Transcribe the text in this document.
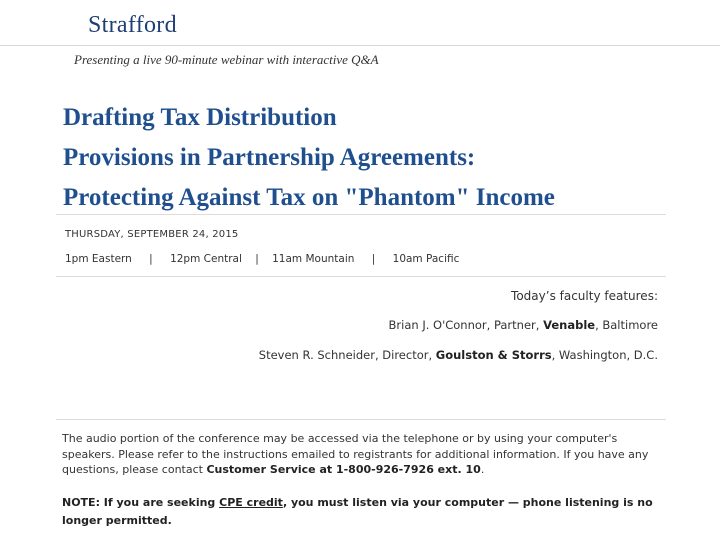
Strafford
Presenting a live 90-minute webinar with interactive Q&A
Drafting Tax Distribution
Provisions in Partnership Agreements:
Protecting Against Tax on "Phantom" Income
THURSDAY, SEPTEMBER 24, 2015
1pm Eastern | 12pm Central | 11am Mountain | 10am Pacific
Today’s faculty features:
Brian J. O'Connor, Partner, Venable, Baltimore
Steven R. Schneider, Director, Goulston & Storrs, Washington, D.C.
The audio portion of the conference may be accessed via the telephone or by using your computer's speakers. Please refer to the instructions emailed to registrants for additional information. If you have any questions, please contact Customer Service at 1-800-926-7926 ext. 10.
NOTE: If you are seeking CPE credit, you must listen via your computer — phone listening is no longer permitted.
